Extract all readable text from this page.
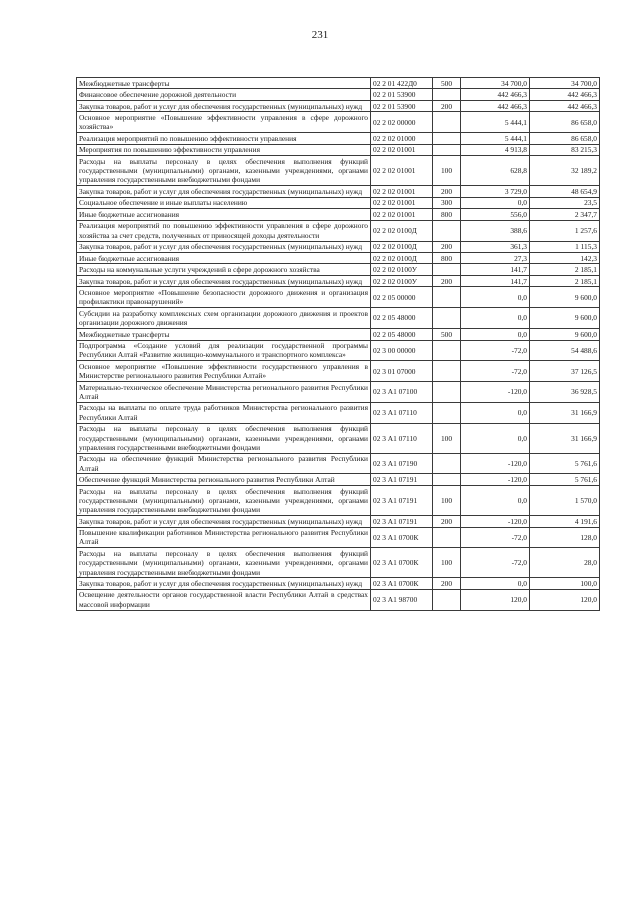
231
Межбюджетные трансферты	02 2 01 422Д0	500	34 700,0	34 700,0
Финансовое обеспечение дорожной деятельности	02 2 01 53900		442 466,3	442 466,3
Закупка товаров, работ и услуг для обеспечения государственных (муниципальных) нужд	02 2 01 53900	200	442 466,3	442 466,3
Основное мероприятие «Повышение эффективности управления в сфере дорожного хозяйства»	02 2 02 00000		5 444,1	86 658,0
Реализация мероприятий по повышению эффективности управления	02 2 02 01000		5 444,1	86 658,0
Мероприятия по повышению эффективности управления	02 2 02 01001		4 913,8	83 215,3
Расходы на выплаты персоналу в целях обеспечения выполнения функций государственными (муниципальными) органами, казенными учреждениями, органами управления государственными внебюджетными фондами	02 2 02 01001	100	628,8	32 189,2
Закупка товаров, работ и услуг для обеспечения государственных (муниципальных) нужд	02 2 02 01001	200	3 729,0	48 654,9
Социальное обеспечение и иные выплаты населению	02 2 02 01001	300	0,0	23,5
Иные бюджетные ассигнования	02 2 02 01001	800	556,0	2 347,7
Реализация мероприятий по повышению эффективности управления в сфере дорожного хозяйства за счет средств, полученных от приносящей доходы деятельности	02 2 02 0100Д		388,6	1 257,6
Закупка товаров, работ и услуг для обеспечения государственных (муниципальных) нужд	02 2 02 0100Д	200	361,3	1 115,3
Иные бюджетные ассигнования	02 2 02 0100Д	800	27,3	142,3
Расходы на коммунальные услуги учреждений в сфере дорожного хозяйства	02 2 02 0100У		141,7	2 185,1
Закупка товаров, работ и услуг для обеспечения государственных (муниципальных) нужд	02 2 02 0100У	200	141,7	2 185,1
Основное мероприятие «Повышение безопасности дорожного движения и организация профилактики правонарушений»	02 2 05 00000		0,0	9 600,0
Субсидии на разработку комплексных схем организации дорожного движения и проектов организации дорожного движения	02 2 05 48000		0,0	9 600,0
Межбюджетные трансферты	02 2 05 48000	500	0,0	9 600,0
Подпрограмма «Создание условий для реализации государственной программы Республики Алтай «Развитие жилищно-коммунального и транспортного комплекса»	02 3 00 00000		-72,0	54 488,6
Основное мероприятие «Повышение эффективности государственного управления в Министерстве регионального развития Республики Алтай»	02 3 01 07000		-72,0	37 126,5
Материально-техническое обеспечение Министерства регионального развития Республики Алтай	02 3 А1 07100		-120,0	36 928,5
Расходы на выплаты по оплате труда работников Министерства регионального развития Республики Алтай	02 3 А1 07110		0,0	31 166,9
Расходы на выплаты персоналу в целях обеспечения выполнения функций государственными (муниципальными) органами, казенными учреждениями, органами управления государственными внебюджетными фондами	02 3 А1 07110	100	0,0	31 166,9
Расходы на обеспечение функций Министерства регионального развития Республики Алтай	02 3 А1 07190		-120,0	5 761,6
Обеспечение функций Министерства регионального развития Республики Алтай	02 3 А1 07191		-120,0	5 761,6
Расходы на выплаты персоналу в целях обеспечения выполнения функций государственными (муниципальными) органами, казенными учреждениями, органами управления государственными внебюджетными фондами	02 3 А1 07191	100	0,0	1 570,0
Закупка товаров, работ и услуг для обеспечения государственных (муниципальных) нужд	02 3 А1 07191	200	-120,0	4 191,6
Повышение квалификации работников Министерства регионального развития Республики Алтай	02 3 А1 0700К		-72,0	128,0
Расходы на выплаты персоналу в целях обеспечения выполнения функций государственными (муниципальными) органами, казенными учреждениями, органами управления государственными внебюджетными фондами	02 3 А1 0700К	100	-72,0	28,0
Закупка товаров, работ и услуг для обеспечения государственных (муниципальных) нужд	02 3 А1 0700К	200	0,0	100,0
Освещение деятельности органов государственной власти Республики Алтай в средствах массовой информации	02 3 А1 98700		120,0	120,0
